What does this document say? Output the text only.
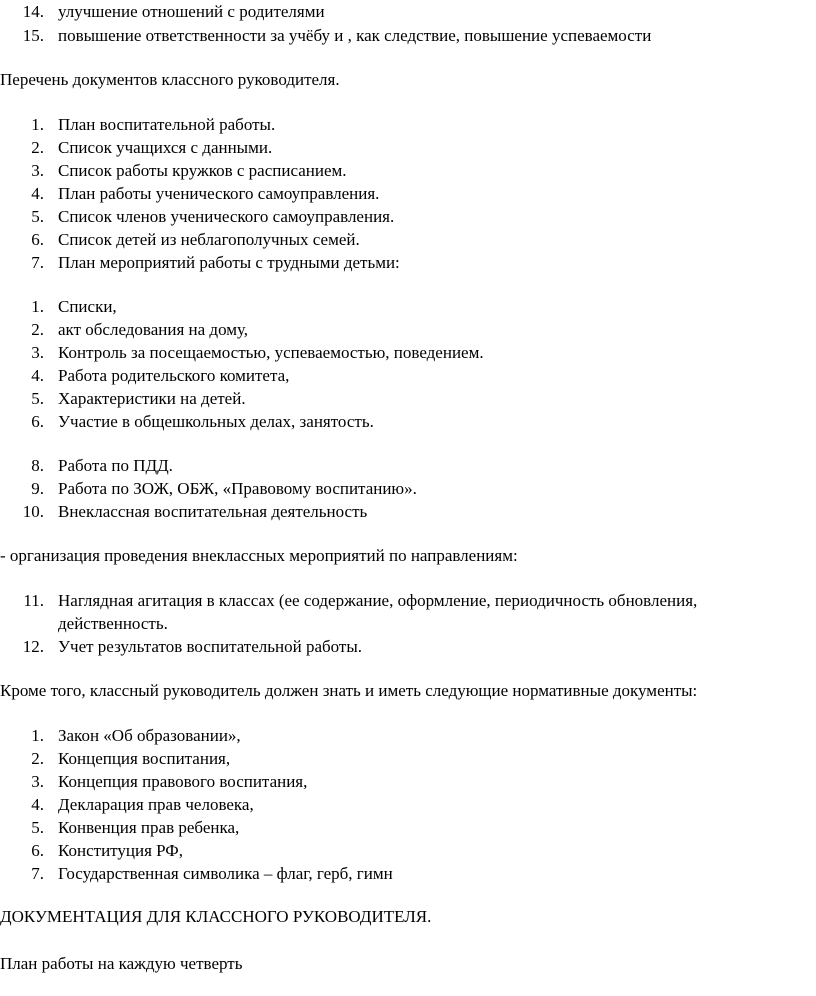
14. улучшение отношений с родителями
15. повышение ответственности за учёбу и , как следствие, повышение успеваемости
Перечень документов классного руководителя.
1. План воспитательной работы.
2. Список учащихся с данными.
3. Список работы кружков с расписанием.
4. План работы ученического самоуправления.
5. Список членов ученического самоуправления.
6. Список детей из неблагополучных семей.
7. План мероприятий работы с трудными детьми:
1. Списки,
2. акт обследования на дому,
3. Контроль за посещаемостью, успеваемостью, поведением.
4. Работа родительского комитета,
5. Характеристики на детей.
6. Участие в общешкольных делах, занятость.
8. Работа по ПДД.
9. Работа по ЗОЖ, ОБЖ, «Правовому воспитанию».
10. Внеклассная воспитательная деятельность
- организация проведения внеклассных мероприятий по направлениям:
11. Наглядная агитация в классах (ее содержание, оформление, периодичность обновления,
действенность.
12. Учет результатов воспитательной работы.
Кроме того, классный руководитель должен знать и иметь следующие нормативные документы:
1. Закон «Об образовании»,
2. Концепция воспитания,
3. Концепция правового воспитания,
4. Декларация прав человека,
5. Конвенция прав ребенка,
6. Конституция РФ,
7. Государственная символика – флаг, герб, гимн
ДОКУМЕНТАЦИЯ ДЛЯ КЛАССНОГО РУКОВОДИТЕЛЯ.
План работы на каждую четверть
